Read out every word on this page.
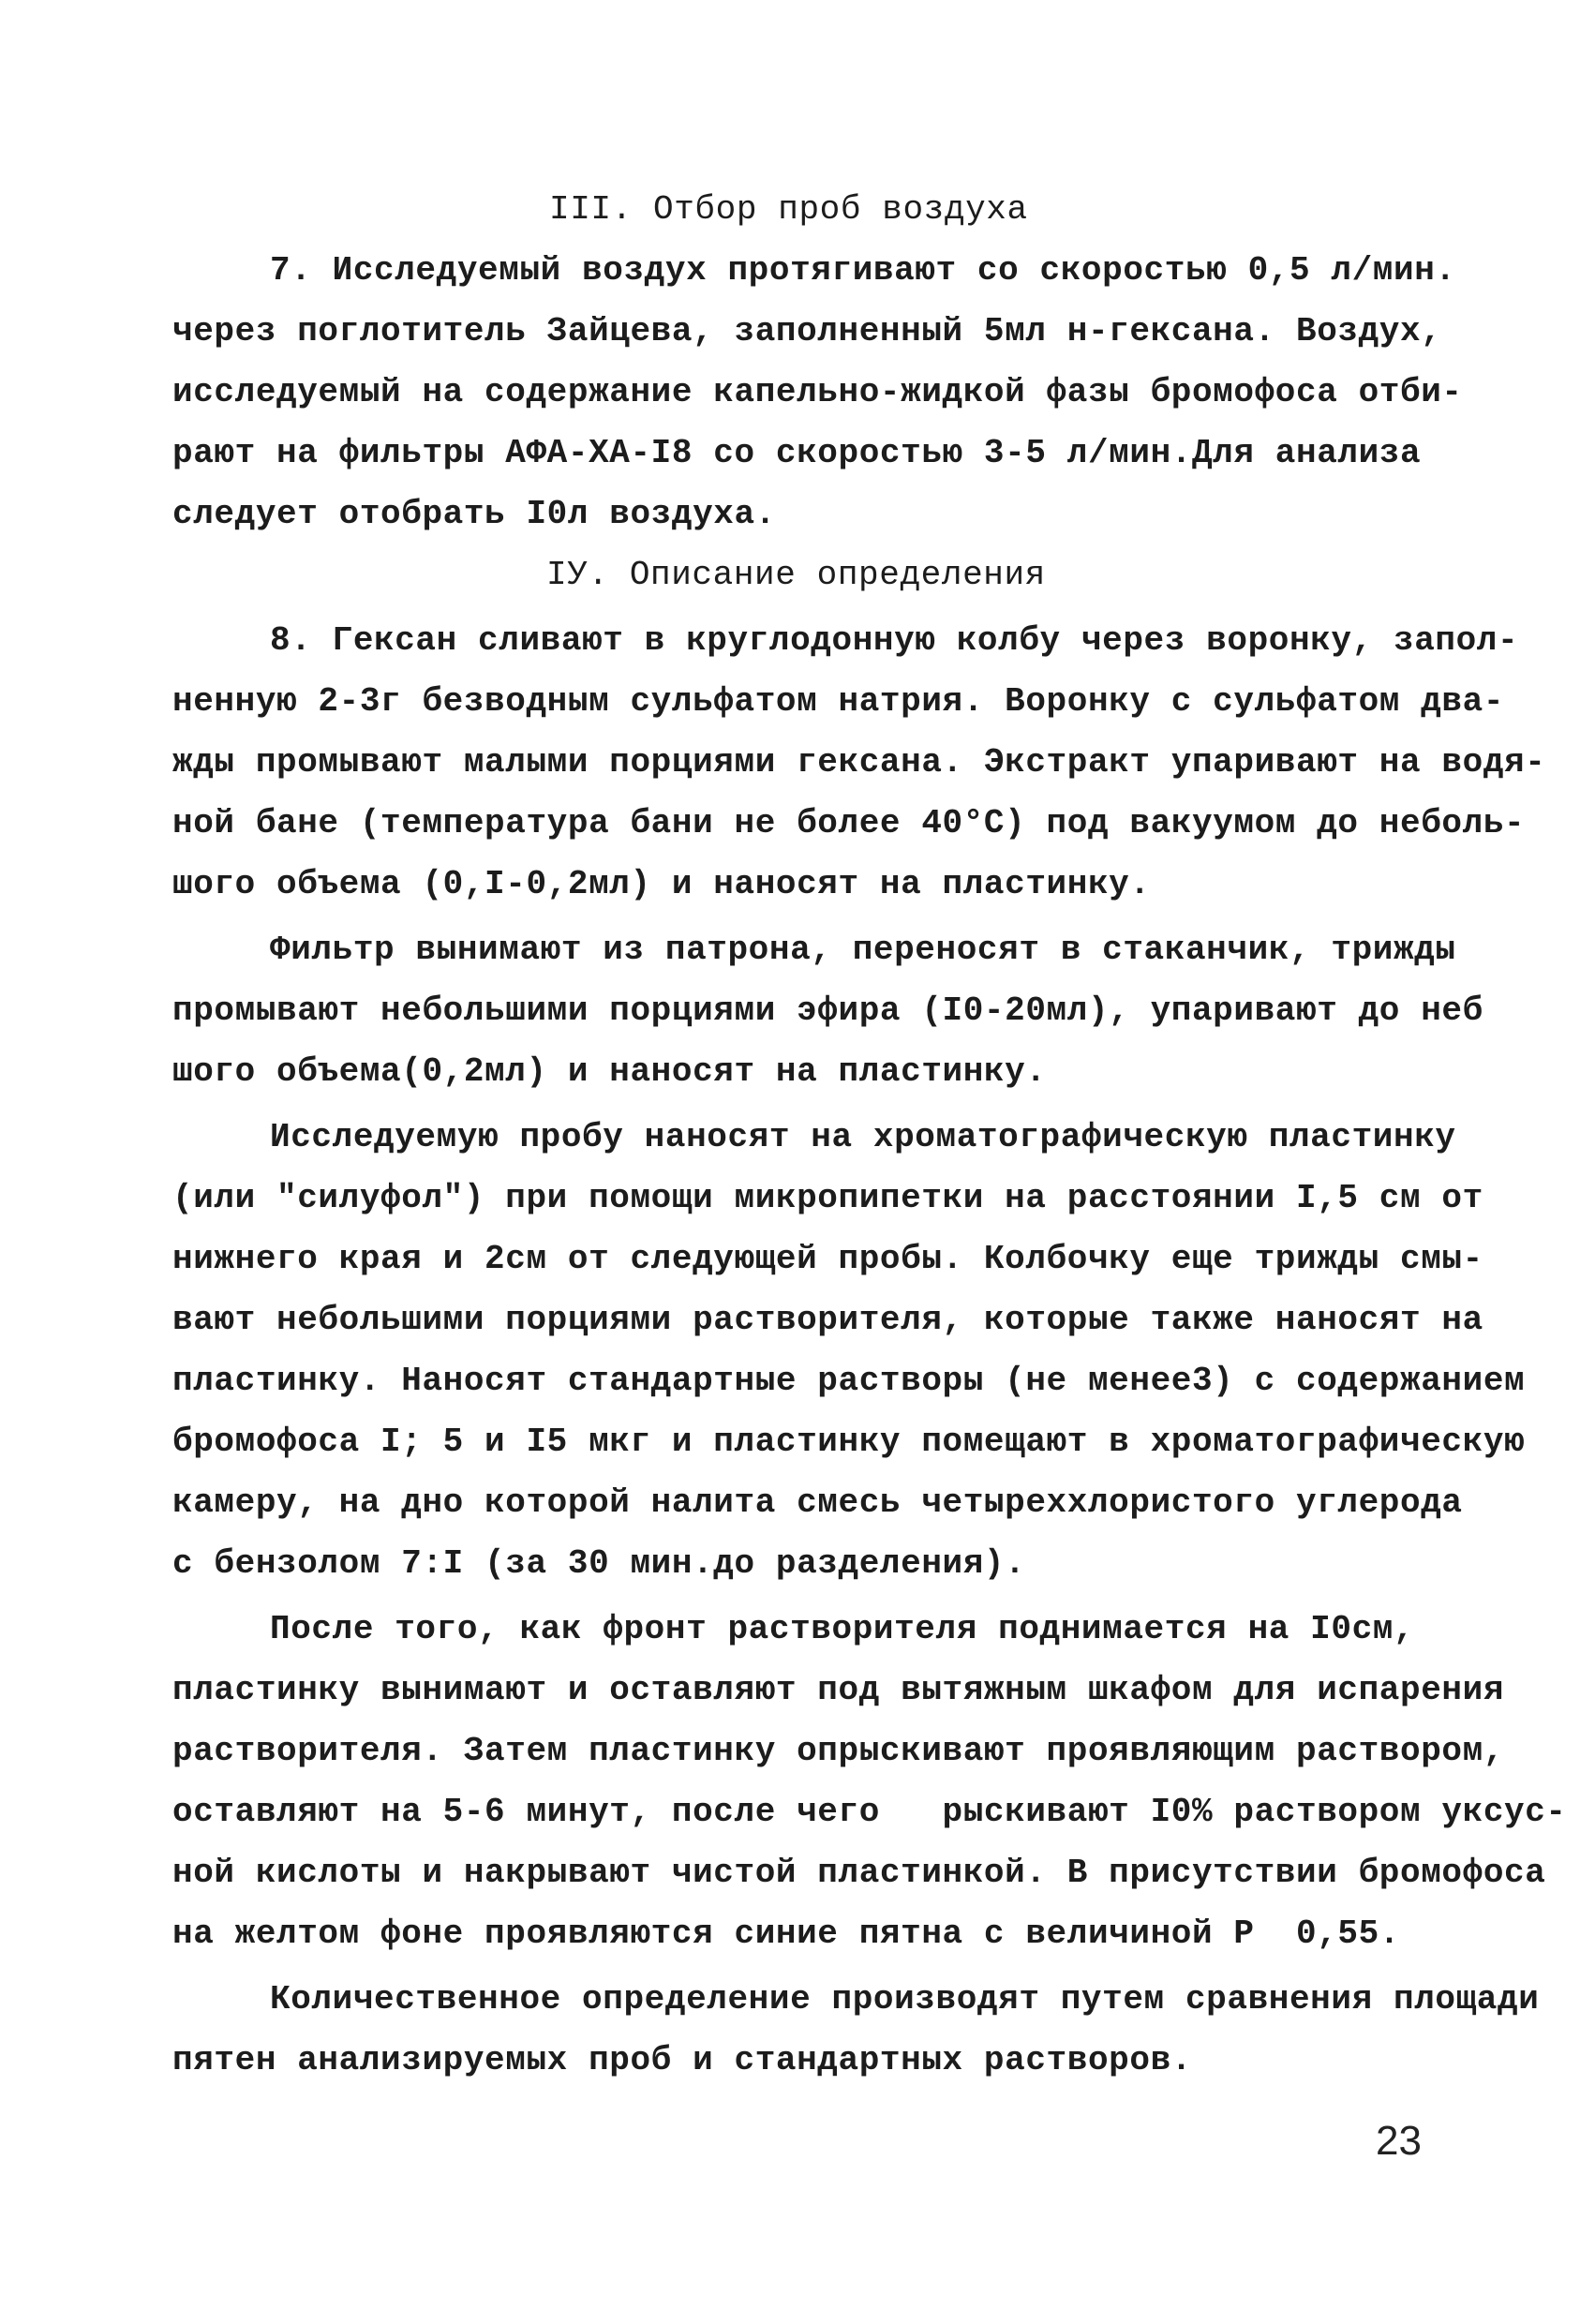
III. Отбор проб воздуха
7. Исследуемый воздух протягивают со скоростью 0,5 л/мин.
через поглотитель Зайцева, заполненный 5мл н-гексана. Воздух,
исследуемый на содержание капельно-жидкой фазы бромофоса отби-
рают на фильтры АФА-ХА-I8 со скоростью 3-5 л/мин.Для анализа
следует отобрать I0л воздуха.
IУ. Описание определения
8. Гексан сливают в круглодонную колбу через воронку, запол-
ненную 2-3г безводным сульфатом натрия. Воронку с сульфатом два-
жды промывают малыми порциями гексана. Экстракт упаривают на водя-
ной бане (температура бани не более 40°С) под вакуумом до неболь-
шого объема (0,I-0,2мл) и наносят на пластинку.
Фильтр вынимают из патрона, переносят в стаканчик, трижды
промывают небольшими порциями эфира (I0-20мл), упаривают до неб
шого объема(0,2мл) и наносят на пластинку.
Исследуемую пробу наносят на хроматографическую пластинку
(или "силуфол") при помощи микропипетки на расстоянии I,5 см от
нижнего края и 2см от следующей пробы. Колбочку еще трижды смы-
вают небольшими порциями растворителя, которые также наносят на
пластинку. Наносят стандартные растворы (не менее3) с содержанием
бромофоса I; 5 и I5 мкг и пластинку помещают в хроматографическую
камеру, на дно которой налита смесь четыреххлористого углерода
с бензолом 7:I (за 30 мин.до разделения).
После того, как фронт растворителя поднимается на I0см,
пластинку вынимают и оставляют под вытяжным шкафом для испарения
растворителя. Затем пластинку опрыскивают проявляющим раствором,
оставляют на 5-6 минут, после чего   рыскивают I0% раствором уксус-
ной кислоты и накрывают чистой пластинкой. В присутствии бромофоса
на желтом фоне проявляются синие пятна с величиной Р  0,55.
Количественное определение производят путем сравнения площади
пятен анализируемых проб и стандартных растворов.
23
